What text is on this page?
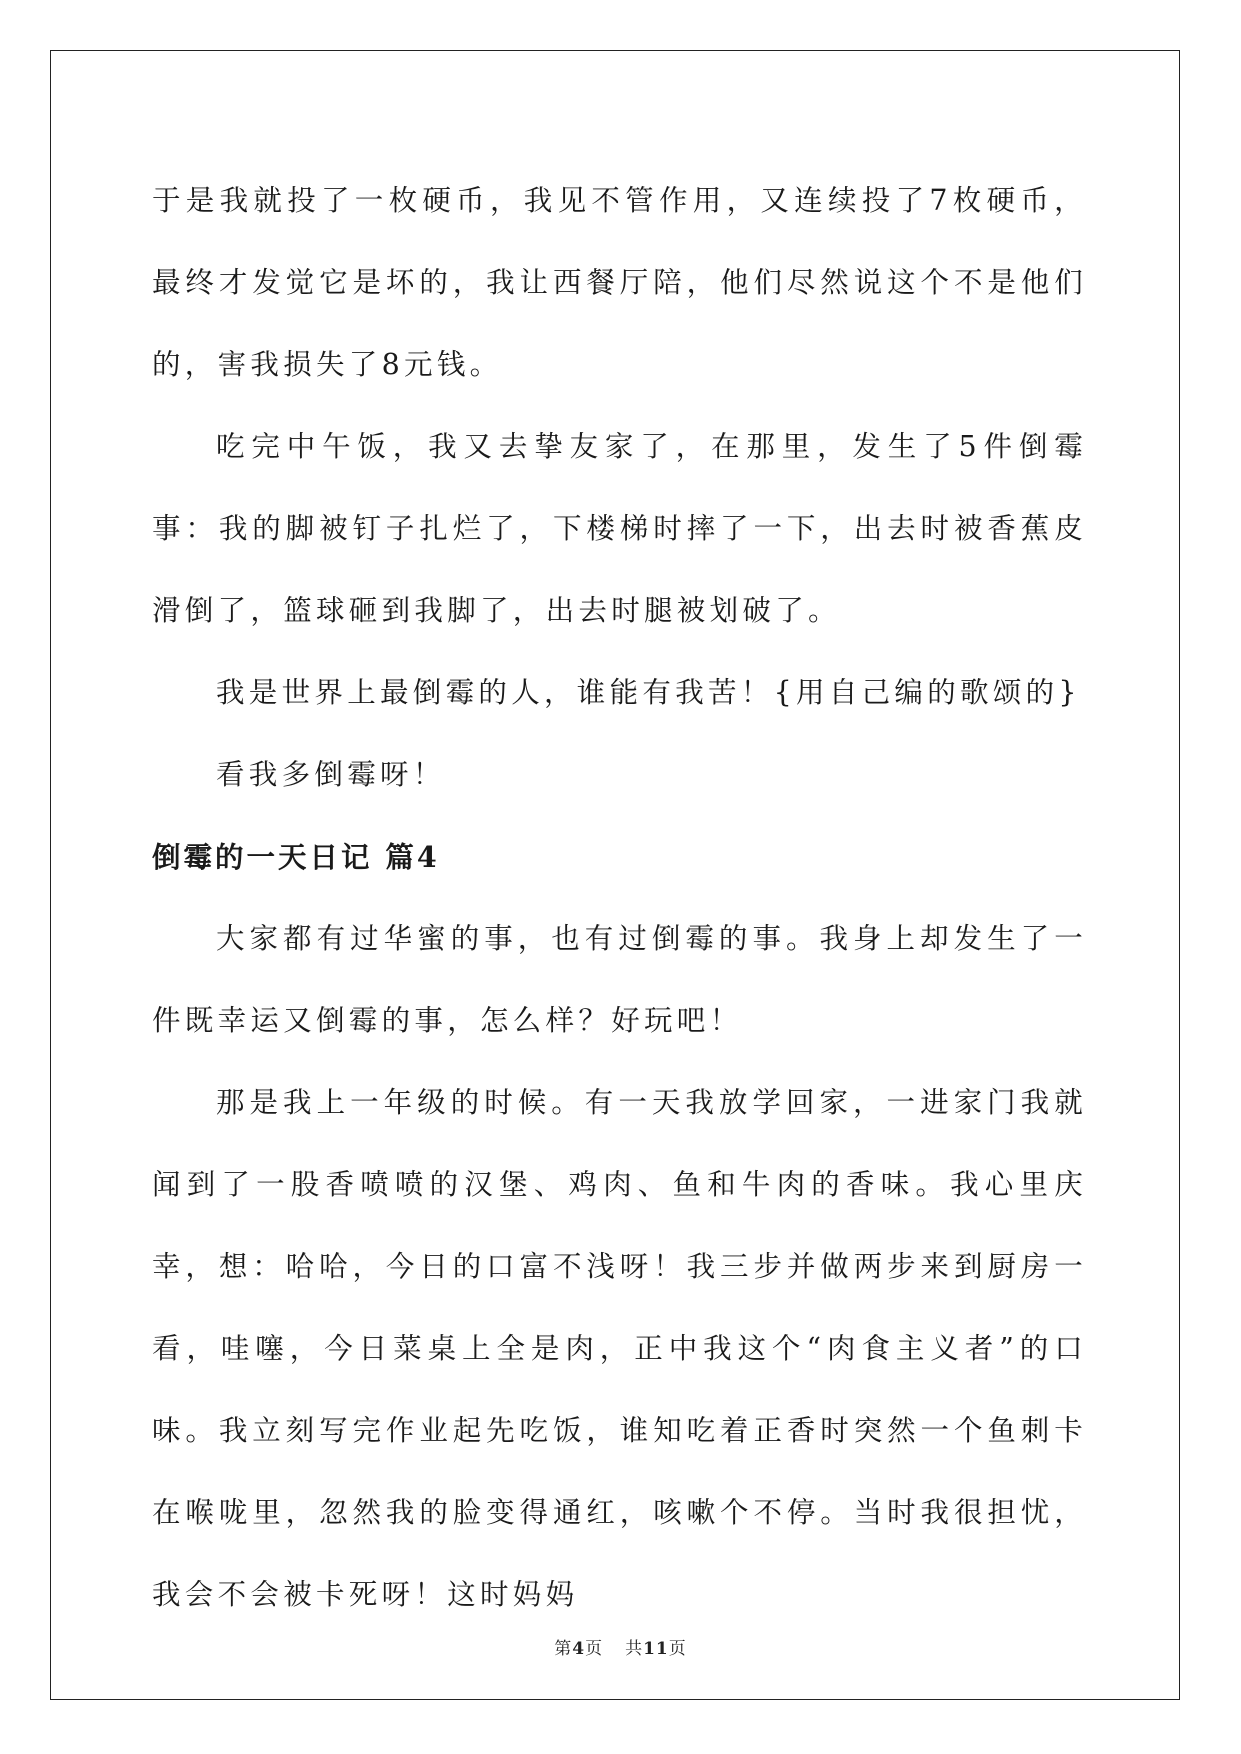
于是我就投了一枚硬币，我见不管作用，又连续投了7枚硬币，最终才发觉它是坏的，我让西餐厅陪，他们尽然说这个不是他们的，害我损失了8元钱。

吃完中午饭，我又去挚友家了，在那里，发生了5件倒霉事：我的脚被钉子扎烂了，下楼梯时摔了一下，出去时被香蕉皮滑倒了，篮球砸到我脚了，出去时腿被划破了。

我是世界上最倒霉的人，谁能有我苦！{用自己编的歌颂的}

看我多倒霉呀！

倒霉的一天日记 篇4

大家都有过华蜜的事，也有过倒霉的事。我身上却发生了一件既幸运又倒霉的事，怎么样？好玩吧！

那是我上一年级的时候。有一天我放学回家，一进家门我就闻到了一股香喷喷的汉堡、鸡肉、鱼和牛肉的香味。我心里庆幸，想：哈哈，今日的口富不浅呀！我三步并做两步来到厨房一看，哇噻，今日菜桌上全是肉，正中我这个“肉食主义者”的口味。我立刻写完作业起先吃饭，谁知吃着正香时突然一个鱼刺卡在喉咙里，忽然我的脸变得通红，咳嗽个不停。当时我很担忧，我会不会被卡死呀！这时妈妈

第4页 共11页
